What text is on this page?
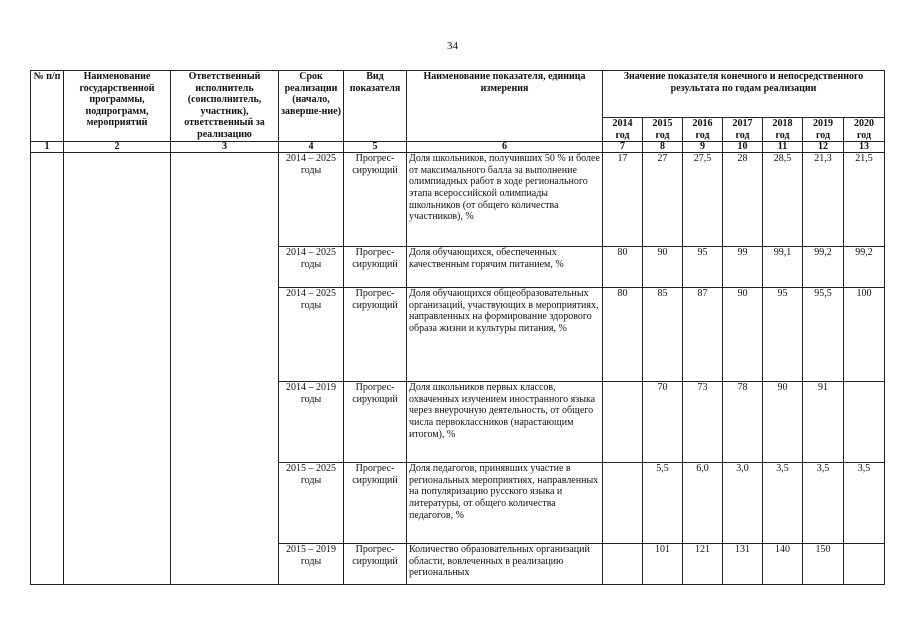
34
№ п/п	Наименование государственной программы, подпрограмм, мероприятий	Ответственный исполнитель (соисполнитель, участник), ответственный за реализацию	Срок реализации (начало, заверше-ние)	Вид показателя	Наименование показателя, единица измерения	Значение показателя конечного и непосредственного результата по годам реализации						
						2014 год	2015 год	2016 год	2017 год	2018 год	2019 год	2020 год
1	2	3	4	5	6	7	8	9	10	11	12	13
			2014 – 2025 годы	Прогрес-сирующий	Доля школьников, получивших 50 % и более от максимального балла за выполнение олимпиадных работ в ходе регионального этапа всероссийской олимпиады школьников (от общего количества участников), %	17	27	27,5	28	28,5	21,3	21,5
			2014 – 2025 годы	Прогрес-сирующий	Доля обучающихся, обеспеченных качественным горячим питанием, %	80	90	95	99	99,1	99,2	99,2
			2014 – 2025 годы	Прогрес-сирующий	Доля обучающихся общеобразовательных организаций, участвующих в мероприятиях, направленных на формирование здорового образа жизни и культуры питания, %	80	85	87	90	95	95,5	100
			2014 – 2019 годы	Прогрес-сирующий	Доля школьников первых классов, охваченных изучением иностранного языка через внеурочную деятельность, от общего числа первоклассников (нарастающим итогом), %		70	73	78	90	91	
			2015 – 2025 годы	Прогрес-сирующий	Доля педагогов, принявших участие в региональных мероприятиях, направленных на популяризацию русского языка и литературы, от общего количества педагогов, %		5,5	6,0	3,0	3,5	3,5	3,5
			2015 – 2019 годы	Прогрес-сирующий	Количество образовательных организаций области, вовлеченных в реализацию региональных		101	121	131	140	150	
